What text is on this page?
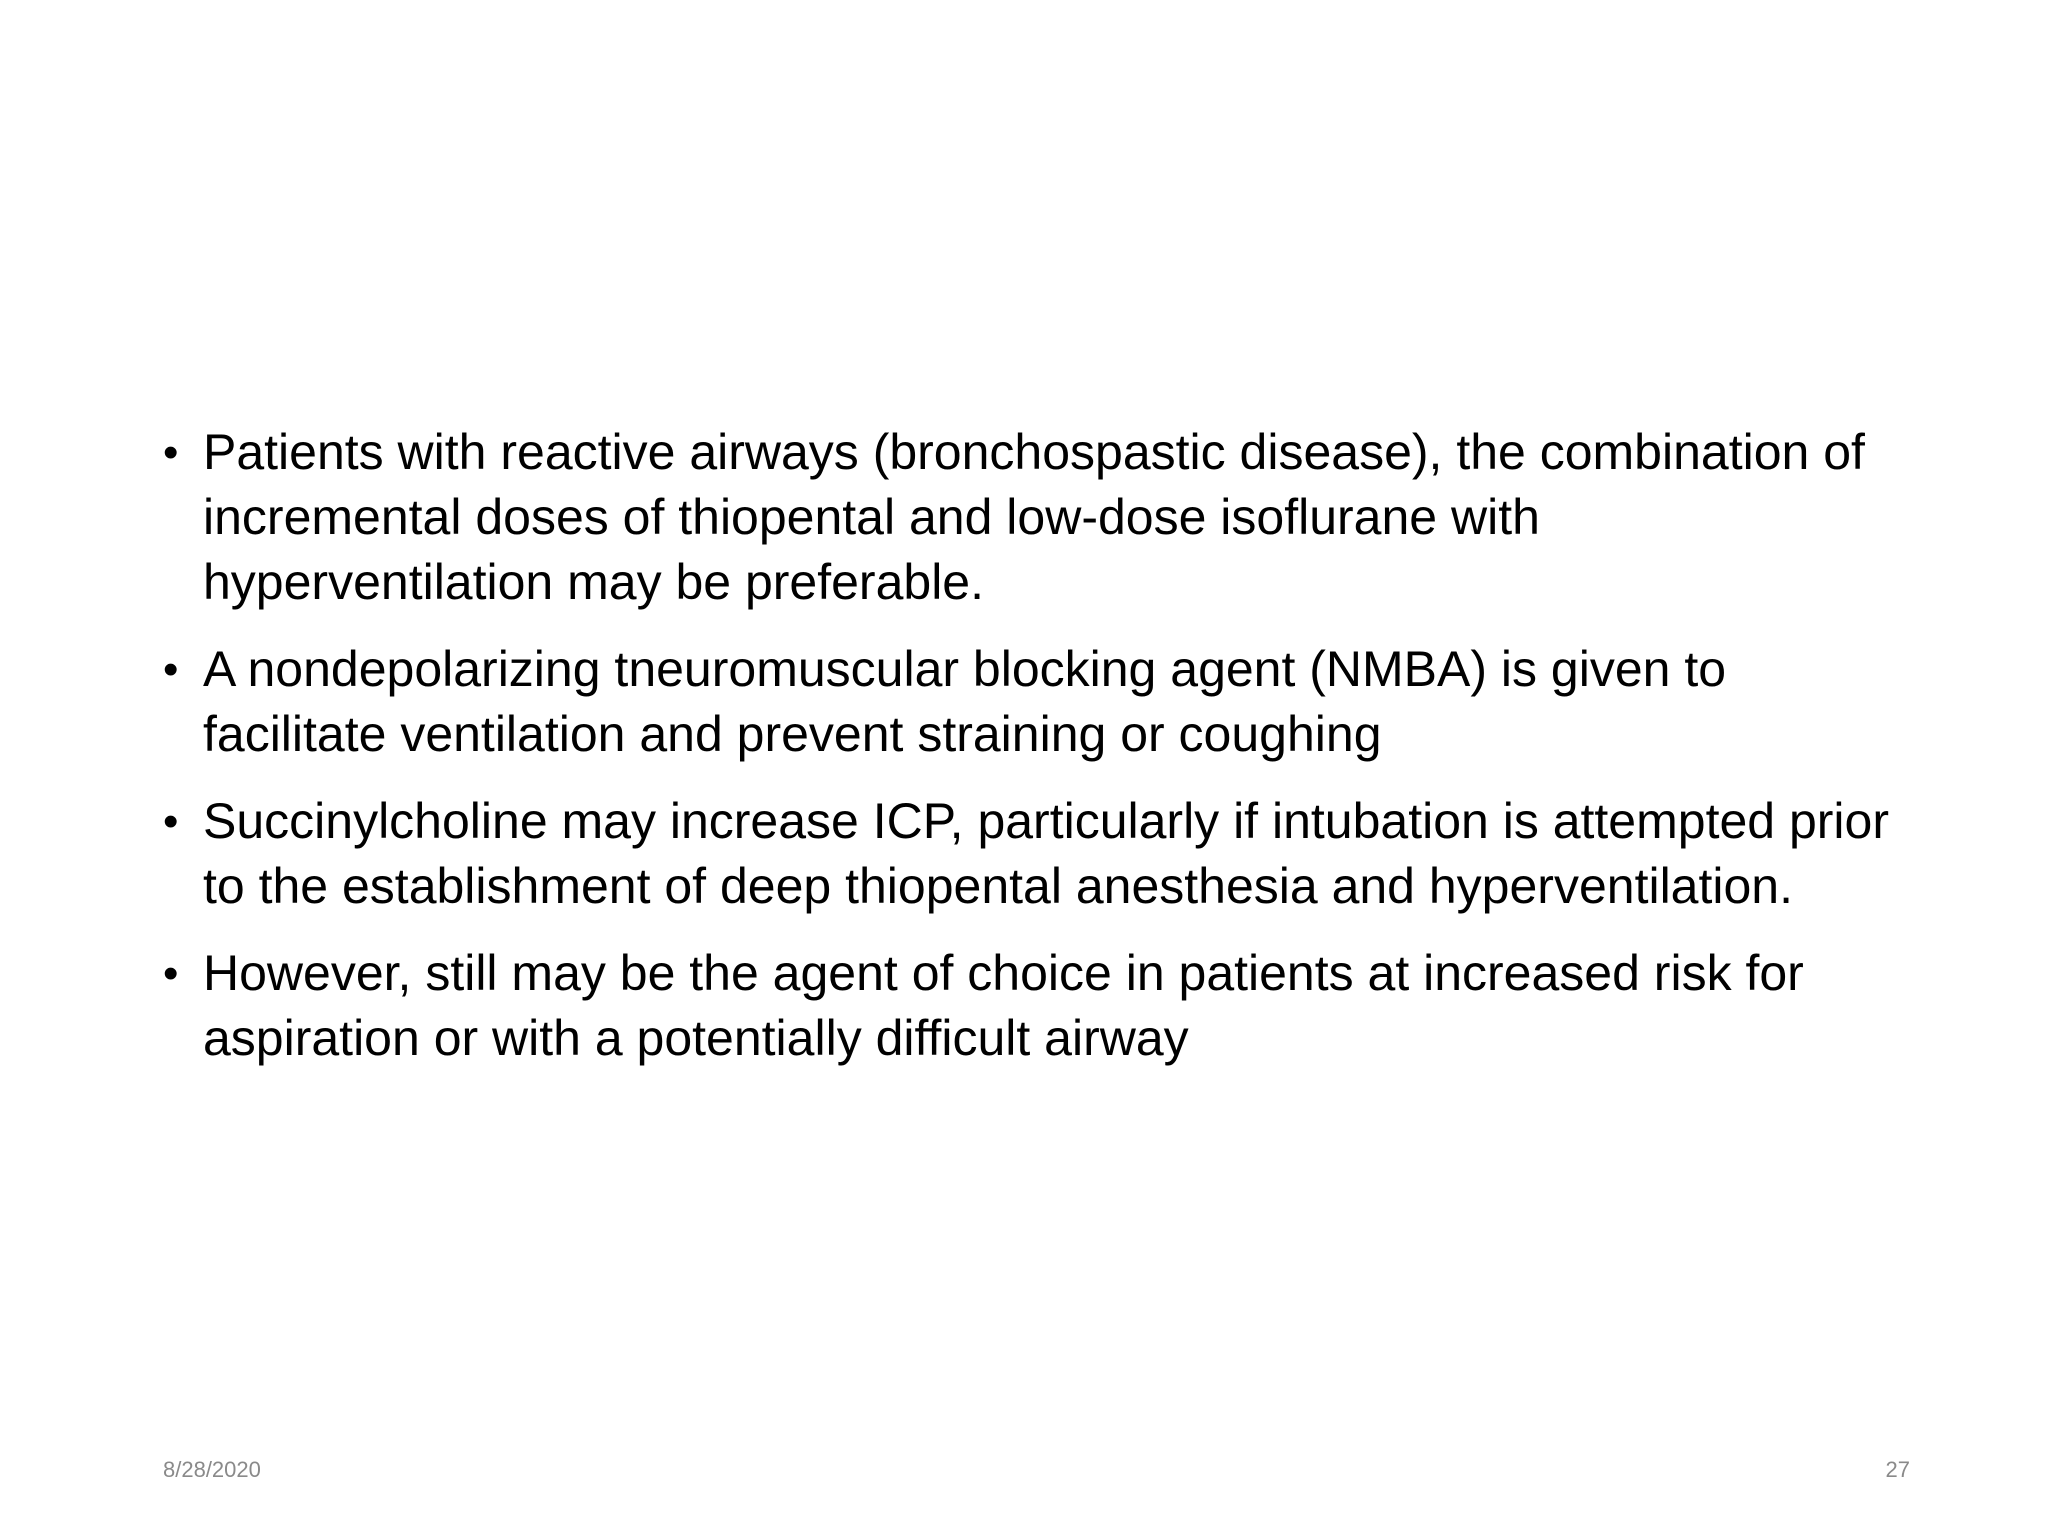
• Patients with reactive airways (bronchospastic disease), the combination of incremental doses of thiopental and low-dose isoflurane with hyperventilation may be preferable.
• A nondepolarizing tneuromuscular blocking agent (NMBA) is given to facilitate ventilation and prevent straining or coughing
• Succinylcholine may increase ICP, particularly if intubation is attempted prior to the establishment of deep thiopental anesthesia and hyperventilation.
• However, still may be the agent of choice in patients at increased risk for aspiration or with a potentially difficult airway
8/28/2020	27
